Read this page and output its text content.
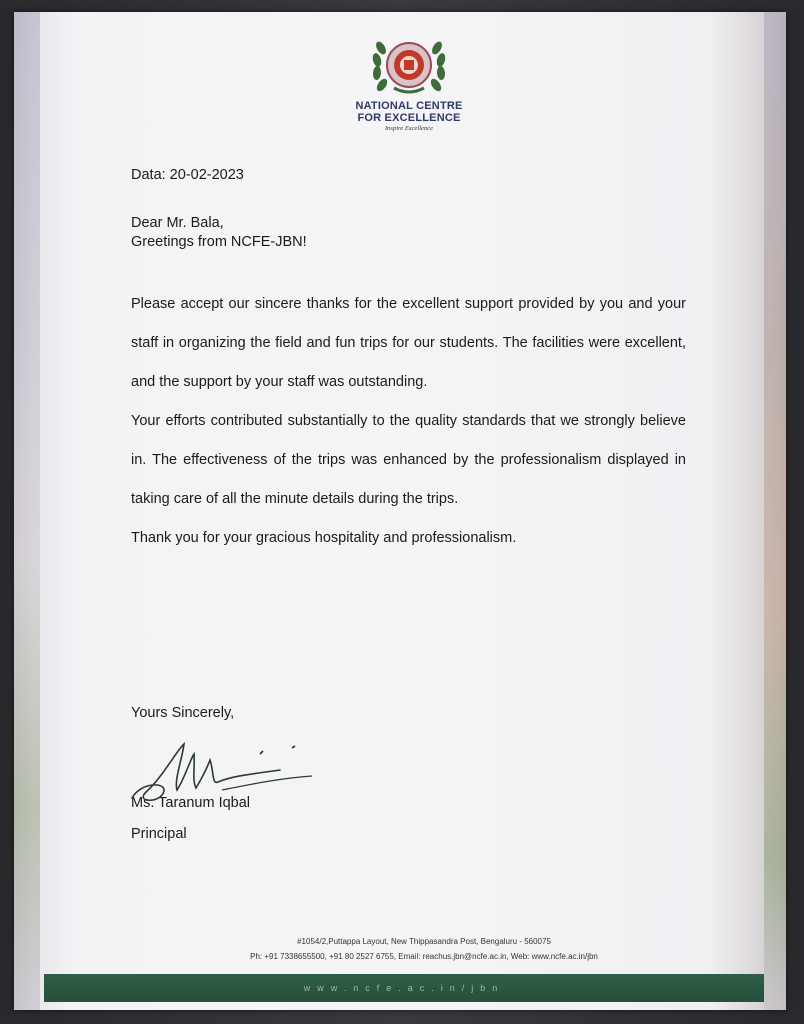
NATIONAL CENTRE
FOR EXCELLENCE
Inspire Excellence
Data: 20-02-2023
Dear Mr. Bala,
Greetings from NCFE-JBN!

Please accept our sincere thanks for the excellent support provided by you and your staff in organizing the field and fun trips for our students. The facilities were excellent, and the support by your staff was outstanding.

Your efforts contributed substantially to the quality standards that we strongly believe in. The effectiveness of the trips was enhanced by the professionalism displayed in taking care of all the minute details during the trips.

Thank you for your gracious hospitality and professionalism.

Yours Sincerely,
Ms. Taranum Iqbal
Principal
#1054/2,Puttappa Layout, New Thippasandra Post, Bengaluru - 560075
Ph: +91 7338655500, +91 80 2527 6755, Email: reachus.jbn@ncfe.ac.in, Web: www.ncfe.ac.in/jbn
www.ncfe.ac.in/jbn
